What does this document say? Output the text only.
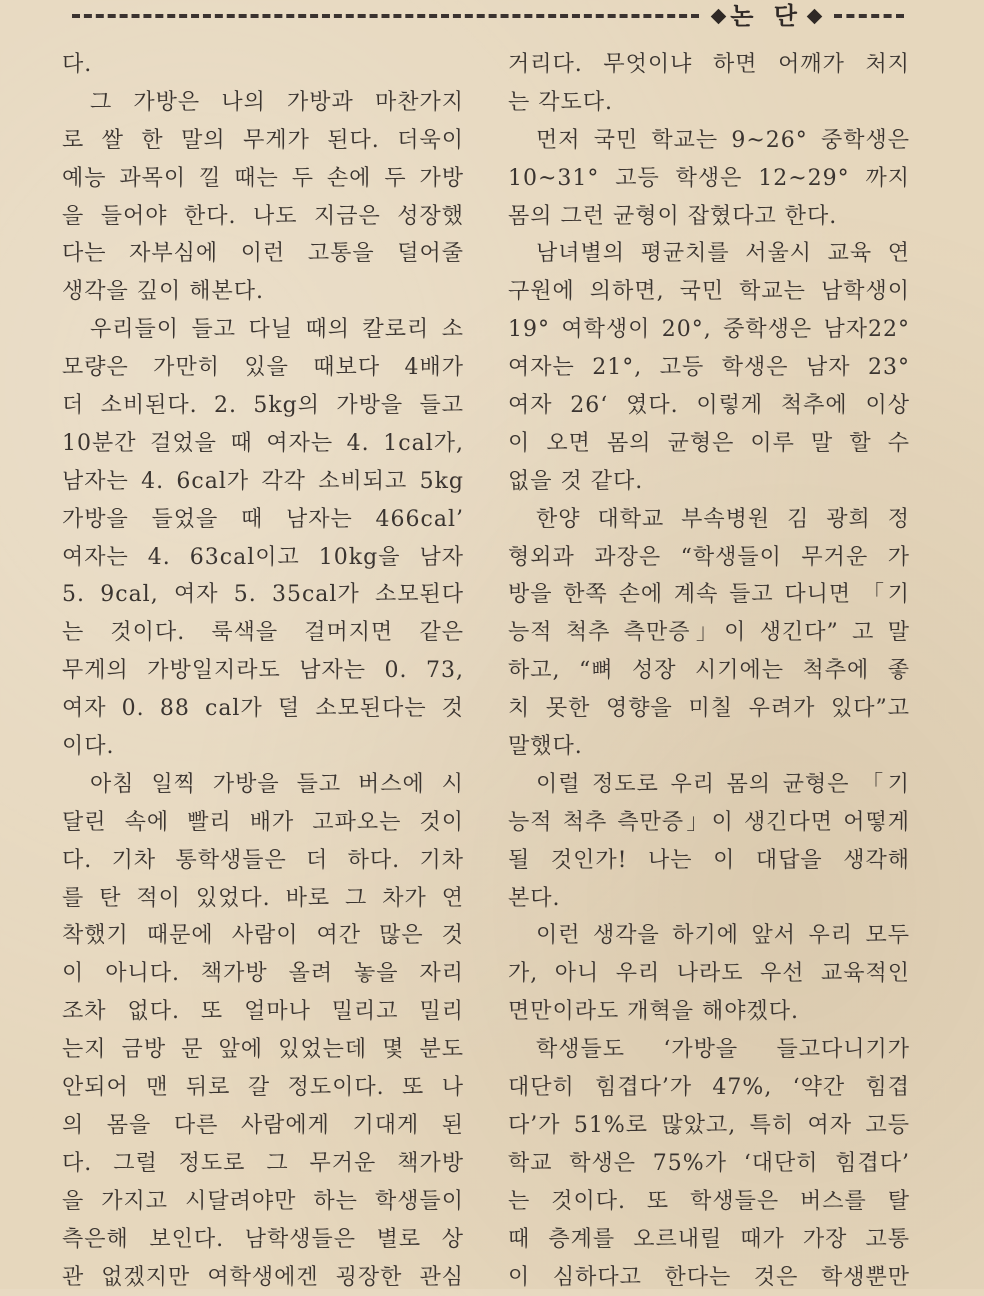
논 단
다.
그 가방은 나의 가방과 마찬가지
로 쌀 한 말의 무게가 된다. 더욱이
예능 과목이 낄 때는 두 손에 두 가방
을 들어야 한다. 나도 지금은 성장했
다는 자부심에 이런 고통을 덜어줄
생각을 깊이 해본다.
우리들이 들고 다닐 때의 칼로리 소
모량은 가만히 있을 때보다 4배가
더 소비된다. 2. 5kg의 가방을 들고
10분간 걸었을 때 여자는 4. 1cal가,
남자는 4. 6cal가 각각 소비되고 5kg
가방을 들었을 때 남자는 466cal’
여자는 4. 63cal이고 10kg을 남자
5. 9cal, 여자 5. 35cal가 소모된다
는 것이다. 룩색을 걸머지면 같은
무게의 가방일지라도 남자는 0. 73,
여자 0. 88 cal가 덜 소모된다는 것
이다.
아침 일찍 가방을 들고 버스에 시
달린 속에 빨리 배가 고파오는 것이
다. 기차 통학생들은 더 하다. 기차
를 탄 적이 있었다. 바로 그 차가 연
착했기 때문에 사람이 여간 많은 것
이 아니다. 책가방 올려 놓을 자리
조차 없다. 또 얼마나 밀리고 밀리
는지 금방 문 앞에 있었는데 몇 분도
안되어 맨 뒤로 갈 정도이다. 또 나
의 몸을 다른 사람에게 기대게 된
다. 그럴 정도로 그 무거운 책가방
을 가지고 시달려야만 하는 학생들이
측은해 보인다. 남학생들은 별로 상
관 없겠지만 여학생에겐 굉장한 관심
거리다. 무엇이냐 하면 어깨가 처지
는 각도다.
먼저 국민 학교는 9~26° 중학생은
10~31° 고등 학생은 12~29° 까지
몸의 그런 균형이 잡혔다고 한다.
남녀별의 평균치를 서울시 교육 연
구원에 의하면, 국민 학교는 남학생이
19° 여학생이 20°, 중학생은 남자22°
여자는 21°, 고등 학생은 남자 23°
여자 26‘ 였다. 이렇게 척추에 이상
이 오면 몸의 균형은 이루 말 할 수
없을 것 같다.
한양 대학교 부속병원 김 광희 정
형외과 과장은 “학생들이 무거운 가
방을 한쪽 손에 계속 들고 다니면 「기
능적 척추 측만증」이 생긴다” 고 말
하고, “뼈 성장 시기에는 척추에 좋
치 못한 영향을 미칠 우려가 있다”고
말했다.
이럴 정도로 우리 몸의 균형은 「기
능적 척추 측만증」이 생긴다면 어떻게
될 것인가! 나는 이 대답을 생각해
본다.
이런 생각을 하기에 앞서 우리 모두
가, 아니 우리 나라도 우선 교육적인
면만이라도 개혁을 해야겠다.
학생들도 ‘가방을 들고다니기가
대단히 힘겹다’가 47%, ‘약간 힘겹
다’가 51%로 많았고, 특히 여자 고등
학교 학생은 75%가 ‘대단히 힘겹다’
는 것이다. 또 학생들은 버스를 탈
때 층계를 오르내릴 때가 가장 고통
이 심하다고 한다는 것은 학생뿐만
